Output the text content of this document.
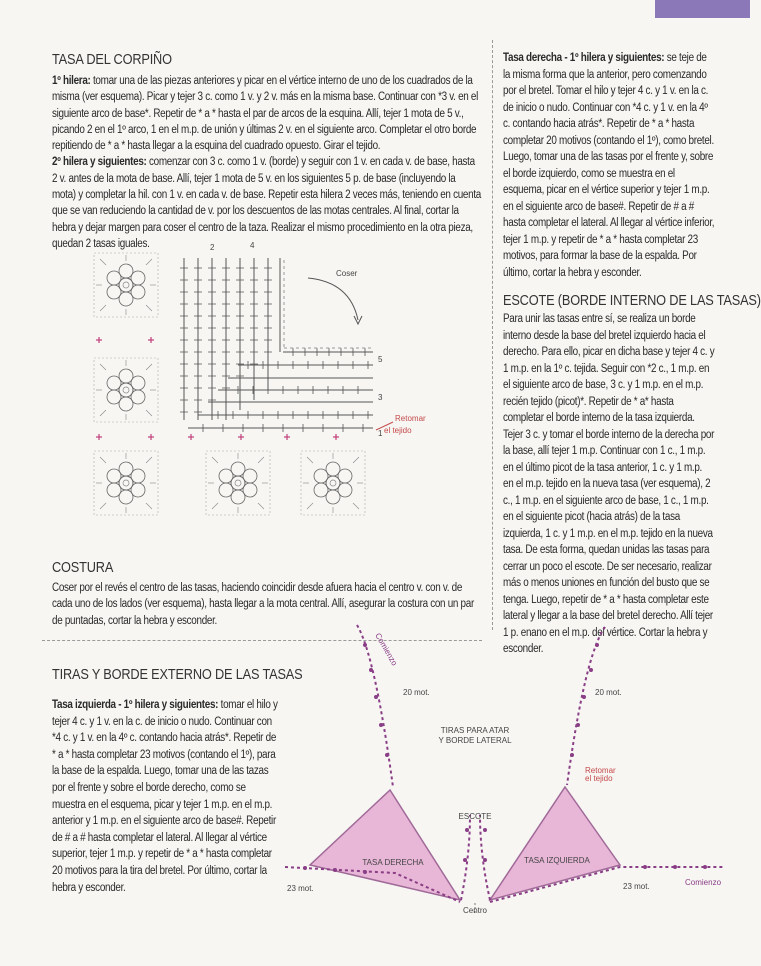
TASA DEL CORPIÑO

1º hilera: tomar una de las piezas anteriores y picar en el vértice interno de uno de los cuadrados de la misma (ver esquema). Picar y tejer 3 c. como 1 v. y 2 v. más en la misma base. Continuar con *3 v. en el siguiente arco de base*. Repetir de * a * hasta el par de arcos de la esquina. Allí, tejer 1 mota de 5 v., picando 2 en el 1º arco, 1 en el m.p. de unión y últimas 2 v. en el siguiente arco. Completar el otro borde repitiendo de * a * hasta llegar a la esquina del cuadrado opuesto. Girar el tejido.

2º hilera y siguientes: comenzar con 3 c. como 1 v. (borde) y seguir con 1 v. en cada v. de base, hasta 2 v. antes de la mota de base. Allí, tejer 1 mota de 5 v. en los siguientes 5 p. de base (incluyendo la mota) y completar la hil. con 1 v. en cada v. de base. Repetir esta hilera 2 veces más, teniendo en cuenta que se van reduciendo la cantidad de v. por los descuentos de las motas centrales. Al final, cortar la hebra y dejar margen para coser el centro de la taza. Realizar el mismo procedimiento en la otra pieza, quedan 2 tasas iguales.	2	4
5
3
1
Coser
Retomar
el tejido
COSTURA

Coser por el revés el centro de las tasas, haciendo coincidir desde afuera hacia el centro v. con v. de cada uno de los lados (ver esquema), hasta llegar a la mota central. Allí, asegurar la costura con un par de puntadas, cortar la hebra y esconder.

TIRAS Y BORDE EXTERNO DE LAS TASAS

Tasa izquierda - 1º hilera y siguientes: tomar el hilo y tejer 4 c. y 1 v. en la c. de inicio o nudo. Continuar con *4 c. y 1 v. en la 4º c. contando hacia atrás*. Repetir de * a * hasta completar 23 motivos (contando el 1º), para la base de la espalda. Luego, tomar una de las tazas por el frente y sobre el borde derecho, como se muestra en el esquema, picar y tejer 1 m.p. en el m.p. anterior y 1 m.p. en el siguiente arco de base#. Repetir de # a # hasta completar el lateral. Al llegar al vértice superior, tejer 1 m.p. y repetir de * a * hasta completar 20 motivos para la tira del bretel. Por último, cortar la hebra y esconder.

Tasa derecha - 1º hilera y siguientes: se teje de la misma forma que la anterior, pero comenzando por el bretel. Tomar el hilo y tejer 4 c. y 1 v. en la c. de inicio o nudo. Continuar con *4 c. y 1 v. en la 4º c. contando hacia atrás*. Repetir de * a * hasta completar 20 motivos (contando el 1º), como bretel. Luego, tomar una de las tasas por el frente y, sobre el borde izquierdo, como se muestra en el esquema, picar en el vértice superior y tejer 1 m.p. en el siguiente arco de base#. Repetir de # a # hasta completar el lateral. Al llegar al vértice inferior, tejer 1 m.p. y repetir de * a * hasta completar 23 motivos, para formar la base de la espalda. Por último, cortar la hebra y esconder.

ESCOTE (BORDE INTERNO DE LAS TASAS)

Para unir las tasas entre sí, se realiza un borde interno desde la base del bretel izquierdo hacia el derecho. Para ello, picar en dicha base y tejer 4 c. y 1 m.p. en la 1º c. tejida. Seguir con *2 c., 1 m.p. en el siguiente arco de base, 3 c. y 1 m.p. en el m.p. recién tejido (picot)*. Repetir de * a* hasta completar el borde interno de la tasa izquierda. Tejer 3 c. y tomar el borde interno de la derecha por la base, allí tejer 1 m.p. Continuar con 1 c., 1 m.p. en el último picot de la tasa anterior, 1 c. y 1 m.p. en el m.p. tejido en la nueva tasa (ver esquema), 2 c., 1 m.p. en el siguiente arco de base, 1 c., 1 m.p. en el siguiente picot (hacia atrás) de la tasa izquierda, 1 c. y 1 m.p. en el m.p. tejido en la nueva tasa. De esta forma, quedan unidas las tasas para cerrar un poco el escote. De ser necesario, realizar más o menos uniones en función del busto que se tenga. Luego, repetir de * a * hasta completar este lateral y llegar a la base del bretel derecho. Allí tejer 1 p. enano en el m.p. del vértice. Cortar la hebra y esconder.

Comienzo
20 mot.	20 mot.
TIRAS PARA ATAR
Y BORDE LATERAL
Retomar
el tejido
ESCOTE
TASA DERECHA	TASA IZQUIERDA
23 mot.	23 mot.	Comienzo
Centro
